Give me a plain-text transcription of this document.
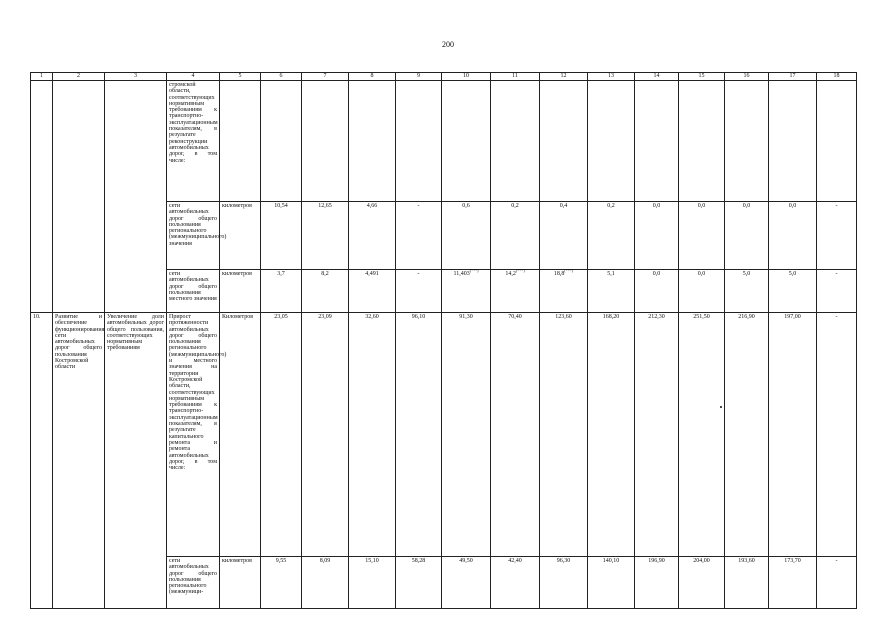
200
1	2	3	4	5	6	7	8	9	10	11	12	13	14	15	16	17	18
			стромской области, соответствующих нормативным требованиям к транспортно-эксплуатационным показателям, в результате реконструкции автомобильных дорог, в том числе:														
			сети автомобильных дорог общего пользования регионального (межмуниципального) значения	километров	10,54	12,65	4,66	-	0,6	0,2	0,4	0,2	0,0	0,0	0,0	0,0	-
			сети автомобильных дорог общего пользования местного значения	километров	3,7	8,2	4,491	-	11,403(***)	14,2(***)	18,8(***)	5,1	0,0	0,0	5,0	5,0	-
10.	Развитие и обеспечение функционирования сети автомобильных дорог общего пользования Костромской области	Увеличение доли автомобильных дорог общего пользования, соответствующих нормативным требованиям	Прирост протяженности автомобильных дорог общего пользования регионального (межмуниципального) и местного значения на территории Костромской области, соответствующих нормативным требованиям к транспортно-эксплуатационным показателям, в результате капитального ремонта и ремонта автомобильных дорог, в том числе:	Километров	23,05	23,09	32,60	96,10	91,30	70,40	123,60	168,20	212,30	251,50	216,90	197,00	-
			сети автомобильных дорог общего пользования регионального (межмуници-	километров	9,55	8,09	15,10	58,28	49,50	42,40	96,30	140,10	196,90	204,00	193,60	173,70	-
